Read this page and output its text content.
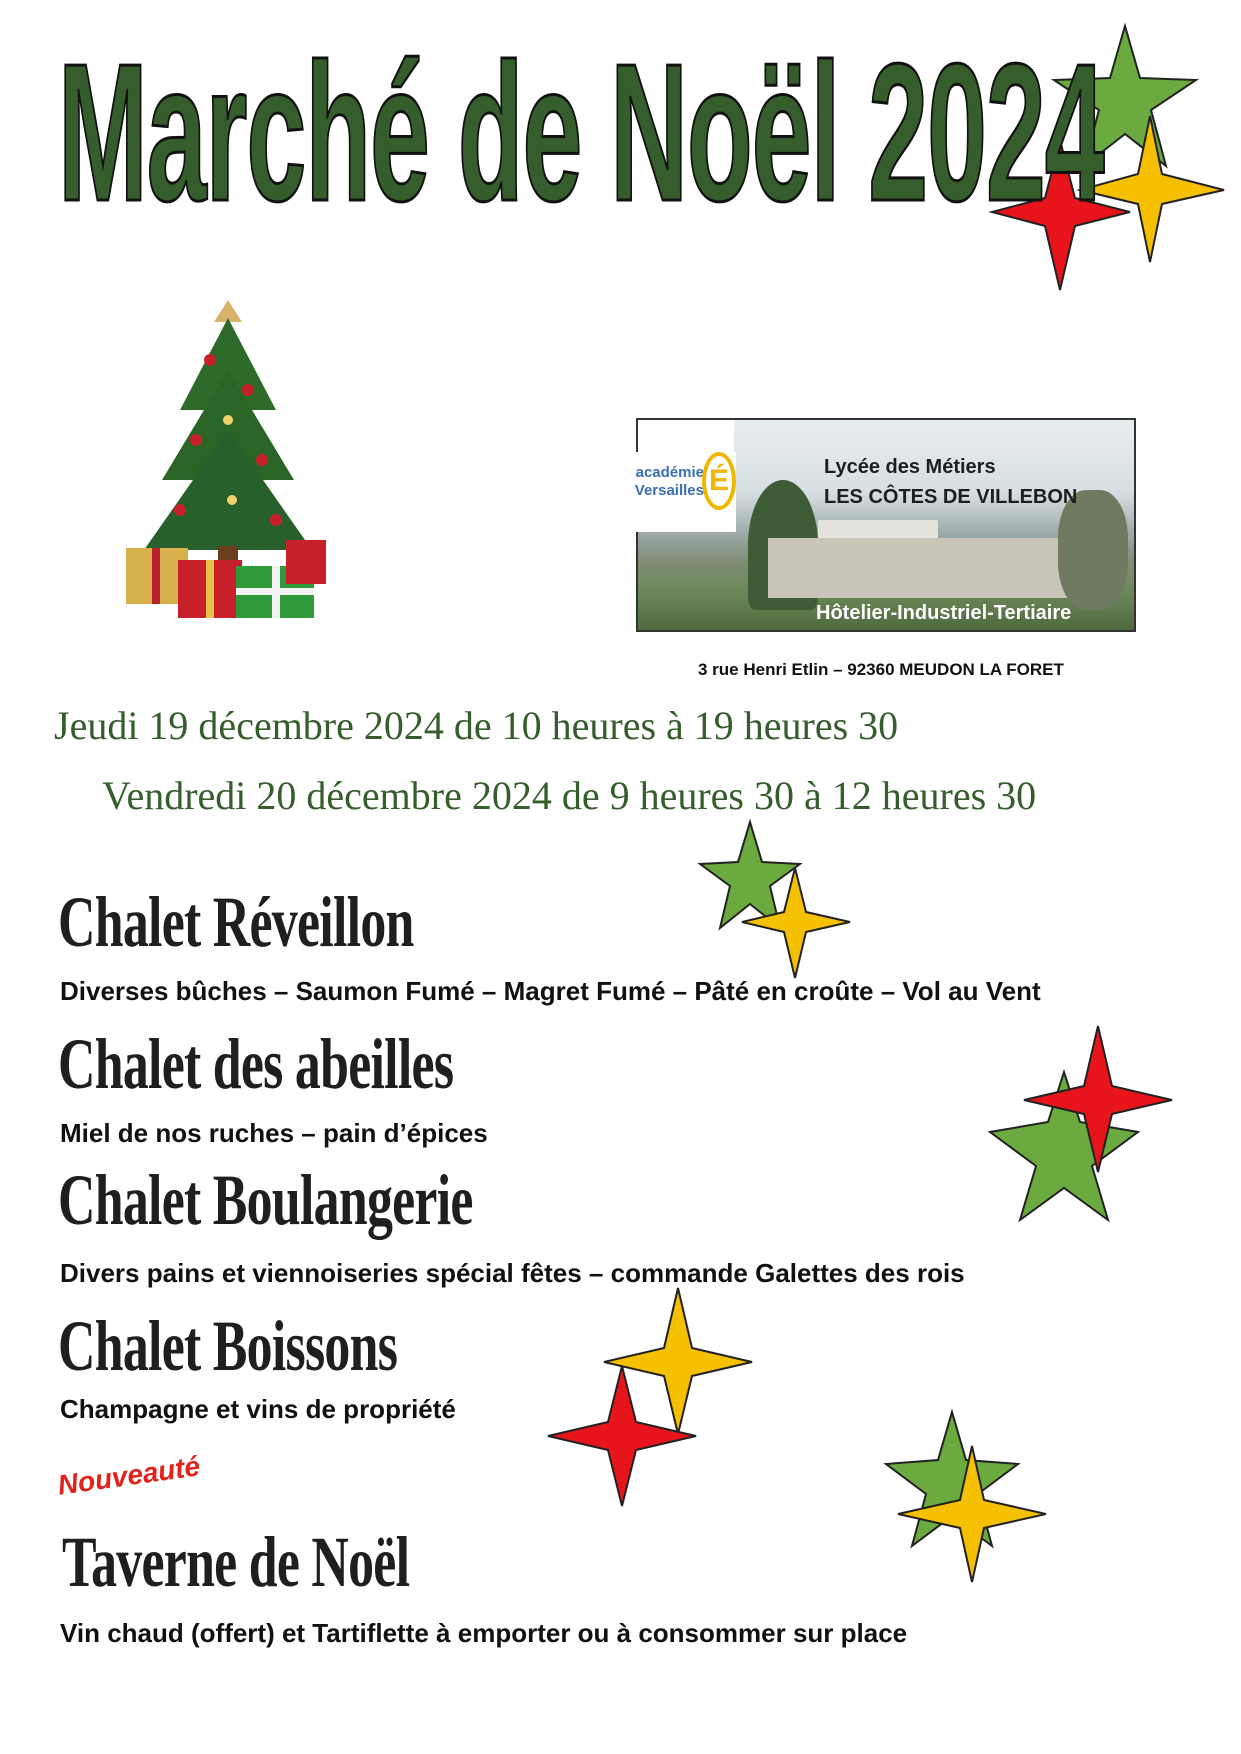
Marché de Noël 2024
Lycée des Métiers
LES CÔTES DE VILLEBON
Hôtelier-Industriel-Tertiaire
académie
Versailles É
3 rue Henri Etlin – 92360 MEUDON LA FORET

Jeudi 19 décembre 2024 de 10 heures à 19 heures 30

Vendredi 20 décembre 2024 de 9 heures 30 à 12 heures 30

Chalet Réveillon

Diverses bûches – Saumon Fumé – Magret Fumé – Pâté en croûte – Vol au Vent

Chalet des abeilles

Miel de nos ruches – pain d’épices

Chalet Boulangerie

Divers pains et viennoiseries spécial fêtes – commande Galettes des rois

Chalet Boissons

Champagne et vins de propriété

Nouveauté

Taverne de Noël

Vin chaud (offert) et Tartiflette à emporter ou à consommer sur place
